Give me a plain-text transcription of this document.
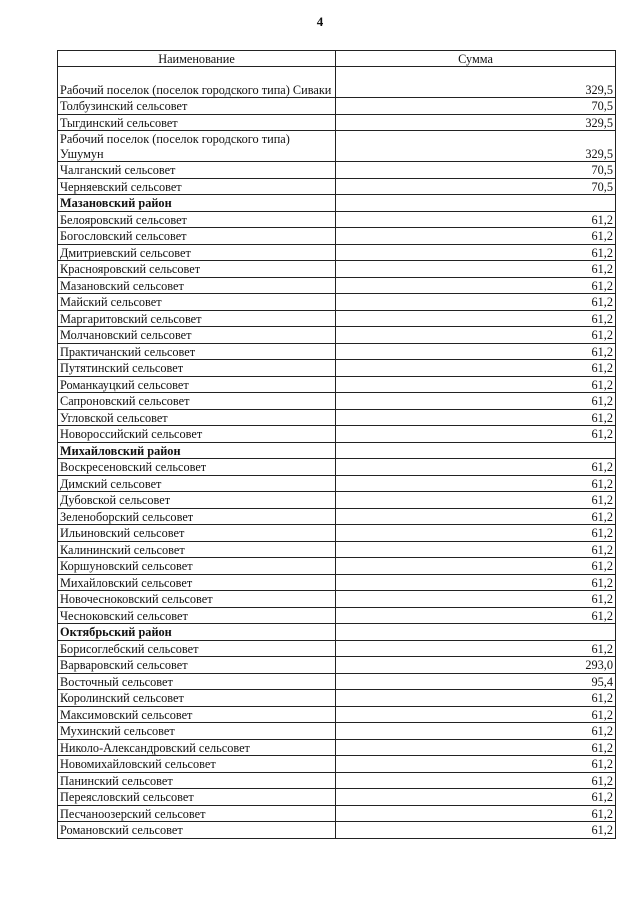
4
Наименование	Сумма
Рабочий поселок (поселок городского типа) Сиваки	329,5
Толбузинский сельсовет	70,5
Тыгдинский сельсовет	329,5
Рабочий поселок (поселок городского типа) Ушумун	329,5
Чалганский сельсовет	70,5
Черняевский сельсовет	70,5
Мазановский район	
Белояровский сельсовет	61,2
Богословский сельсовет	61,2
Дмитриевский сельсовет	61,2
Краснояровский сельсовет	61,2
Мазановский сельсовет	61,2
Майский сельсовет	61,2
Маргаритовский сельсовет	61,2
Молчановский сельсовет	61,2
Практичанский сельсовет	61,2
Путятинский сельсовет	61,2
Романкауцкий сельсовет	61,2
Сапроновский сельсовет	61,2
Угловской сельсовет	61,2
Новороссийский сельсовет	61,2
Михайловский район	
Воскресеновский сельсовет	61,2
Димский сельсовет	61,2
Дубовской сельсовет	61,2
Зеленоборский сельсовет	61,2
Ильиновский сельсовет	61,2
Калининский сельсовет	61,2
Коршуновский сельсовет	61,2
Михайловский сельсовет	61,2
Новочесноковский сельсовет	61,2
Чесноковский сельсовет	61,2
Октябрьский район	
Борисоглебский сельсовет	61,2
Варваровский сельсовет	293,0
Восточный сельсовет	95,4
Королинский сельсовет	61,2
Максимовский сельсовет	61,2
Мухинский сельсовет	61,2
Николо-Александровский сельсовет	61,2
Новомихайловский сельсовет	61,2
Панинский сельсовет	61,2
Переясловский сельсовет	61,2
Песчаноозерский сельсовет	61,2
Романовский сельсовет	61,2
